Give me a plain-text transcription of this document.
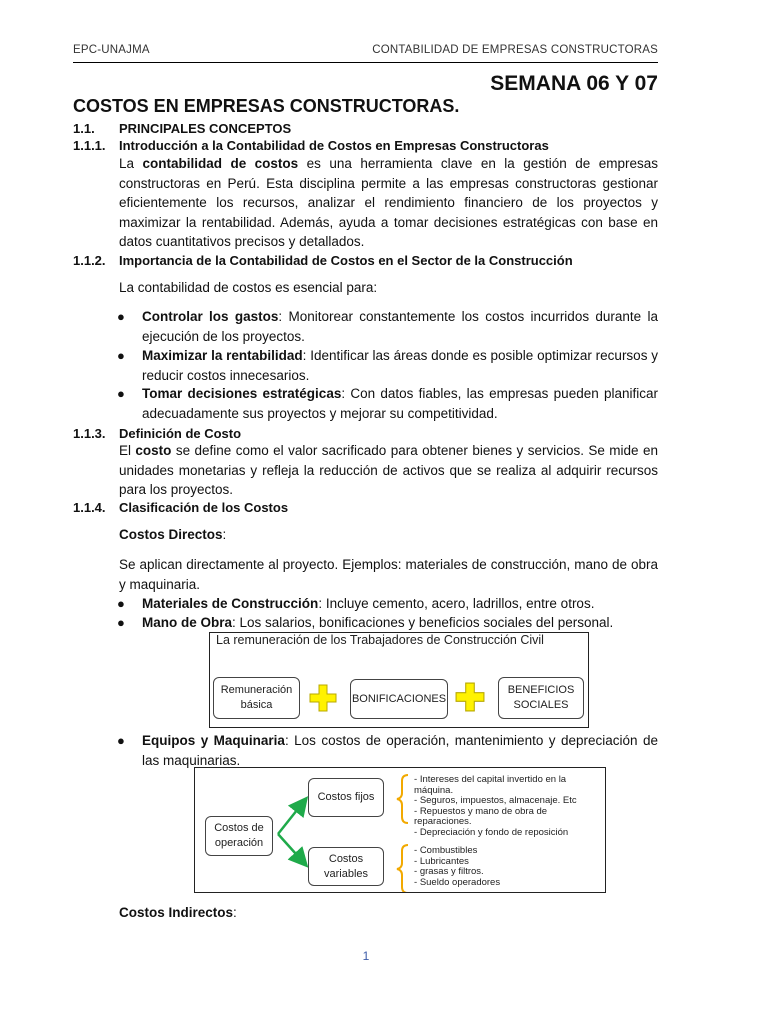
EPC-UNAJMA	CONTABILIDAD DE EMPRESAS CONSTRUCTORAS
SEMANA 06 Y 07
COSTOS EN EMPRESAS CONSTRUCTORAS.
1.1. PRINCIPALES CONCEPTOS
1.1.1. Introducción a la Contabilidad de Costos en Empresas Constructoras
La contabilidad de costos es una herramienta clave en la gestión de empresas constructoras en Perú. Esta disciplina permite a las empresas constructoras gestionar eficientemente los recursos, analizar el rendimiento financiero de los proyectos y maximizar la rentabilidad. Además, ayuda a tomar decisiones estratégicas con base en datos cuantitativos precisos y detallados.
1.1.2. Importancia de la Contabilidad de Costos en el Sector de la Construcción
La contabilidad de costos es esencial para:
● Controlar los gastos: Monitorear constantemente los costos incurridos durante la ejecución de los proyectos.
● Maximizar la rentabilidad: Identificar las áreas donde es posible optimizar recursos y reducir costos innecesarios.
● Tomar decisiones estratégicas: Con datos fiables, las empresas pueden planificar adecuadamente sus proyectos y mejorar su competitividad.
1.1.3. Definición de Costo
El costo se define como el valor sacrificado para obtener bienes y servicios. Se mide en unidades monetarias y refleja la reducción de activos que se realiza al adquirir recursos para los proyectos.
1.1.4. Clasificación de los Costos
Costos Directos:
Se aplican directamente al proyecto. Ejemplos: materiales de construcción, mano de obra y maquinaria.
● Materiales de Construcción: Incluye cemento, acero, ladrillos, entre otros.
● Mano de Obra: Los salarios, bonificaciones y beneficios sociales del personal.
La remuneración de los Trabajadores de Construcción Civil
Remuneración básica
BONIFICACIONES
BENEFICIOS SOCIALES
● Equipos y Maquinaria: Los costos de operación, mantenimiento y depreciación de las maquinarias.
Costos de operación
Costos fijos
Costos variables
- Intereses del capital invertido en la máquina.
- Seguros, impuestos, almacenaje. Etc
- Repuestos y mano de obra de reparaciones.
- Depreciación y fondo de reposición
- Combustibles
- Lubricantes
- grasas y filtros.
- Sueldo operadores
Costos Indirectos:
1
